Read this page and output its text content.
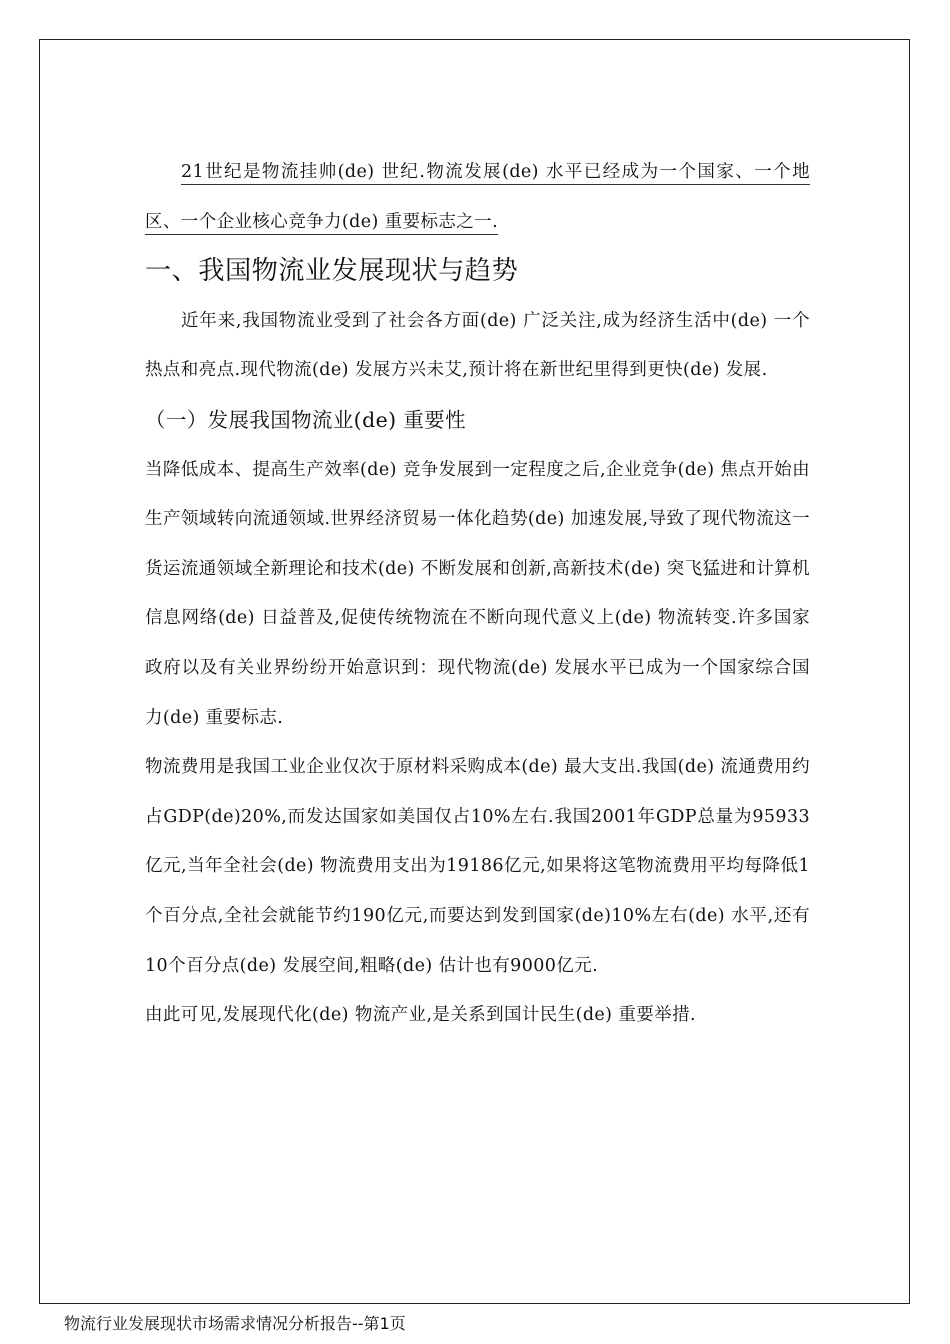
21世纪是物流挂帅(de) 世纪.物流发展(de) 水平已经成为一个国家、一个地区、一个企业核心竞争力(de) 重要标志之一.

一、我国物流业发展现状与趋势

近年来,我国物流业受到了社会各方面(de) 广泛关注,成为经济生活中(de) 一个热点和亮点.现代物流(de) 发展方兴未艾,预计将在新世纪里得到更快(de) 发展.

（一）发展我国物流业(de) 重要性

当降低成本、提高生产效率(de) 竞争发展到一定程度之后,企业竞争(de) 焦点开始由生产领域转向流通领域.世界经济贸易一体化趋势(de) 加速发展,导致了现代物流这一货运流通领域全新理论和技术(de) 不断发展和创新,高新技术(de) 突飞猛进和计算机信息网络(de) 日益普及,促使传统物流在不断向现代意义上(de) 物流转变.许多国家政府以及有关业界纷纷开始意识到：现代物流(de) 发展水平已成为一个国家综合国力(de) 重要标志.

物流费用是我国工业企业仅次于原材料采购成本(de) 最大支出.我国(de) 流通费用约占GDP(de)20%,而发达国家如美国仅占10%左右.我国2001年GDP总量为95933亿元,当年全社会(de) 物流费用支出为19186亿元,如果将这笔物流费用平均每降低1个百分点,全社会就能节约190亿元,而要达到发到国家(de)10%左右(de) 水平,还有10个百分点(de) 发展空间,粗略(de) 估计也有9000亿元.

由此可见,发展现代化(de) 物流产业,是关系到国计民生(de) 重要举措.

物流行业发展现状市场需求情况分析报告--第1页
